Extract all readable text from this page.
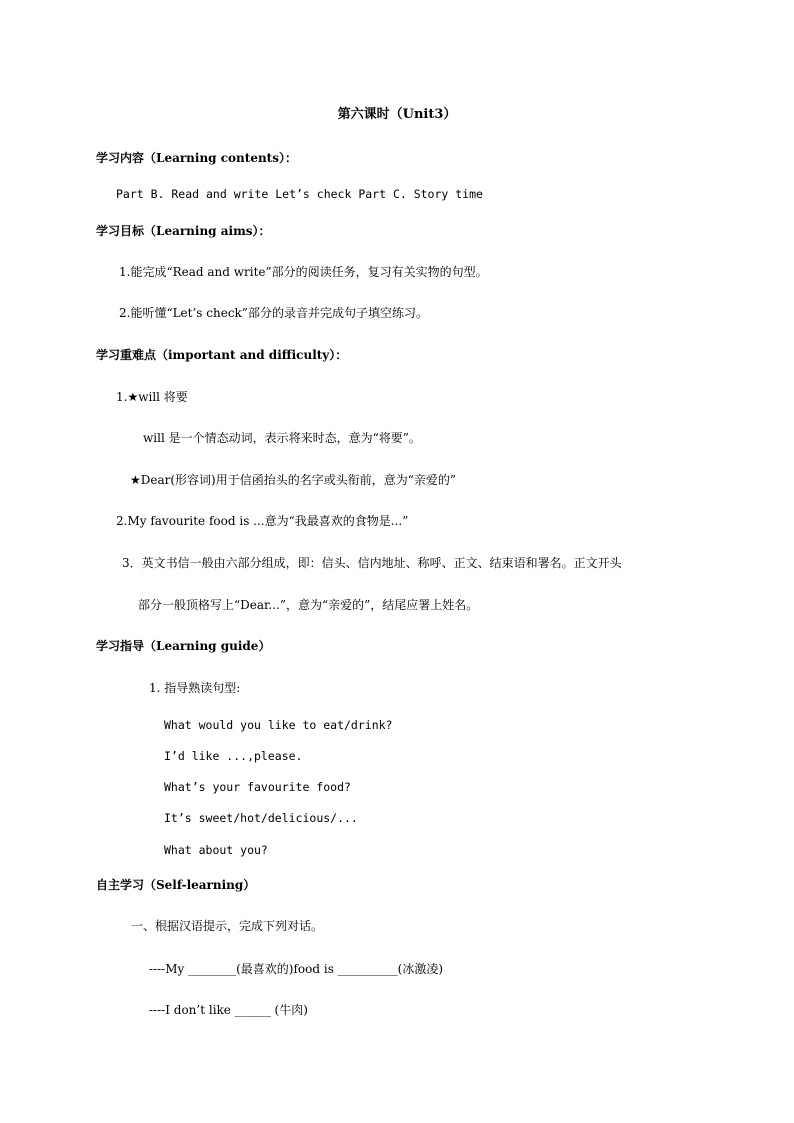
第六课时（Unit3）
学习内容（Learning contents）：
Part B. Read and write Let’s check Part C. Story time
学习目标（Learning aims）：
1.能完成“Read and write”部分的阅读任务，复习有关实物的句型。
2.能听懂“Let’s check”部分的录音并完成句子填空练习。
学习重难点（important and difficulty）：
1.★will 将要
will 是一个情态动词，表示将来时态，意为“将要”。
★Dear(形容词)用于信函抬头的名字或头衔前，意为“亲爱的”
2.My favourite food is ...意为“我最喜欢的食物是...”
3．英文书信一般由六部分组成，即：信头、信内地址、称呼、正文、结束语和署名。正文开头
部分一般顶格写上“Dear...”，意为“亲爱的”，结尾应署上姓名。
学习指导（Learning guide）
1. 指导熟读句型:
What would you like to eat/drink?
I’d like ...,please.
What’s your favourite food?
It’s sweet/hot/delicious/...
What about you?
自主学习（Self-learning）
一、根据汉语提示，完成下列对话。
----My ________(最喜欢的)food is __________(冰激凌)
----I don’t like ______ (牛肉)
